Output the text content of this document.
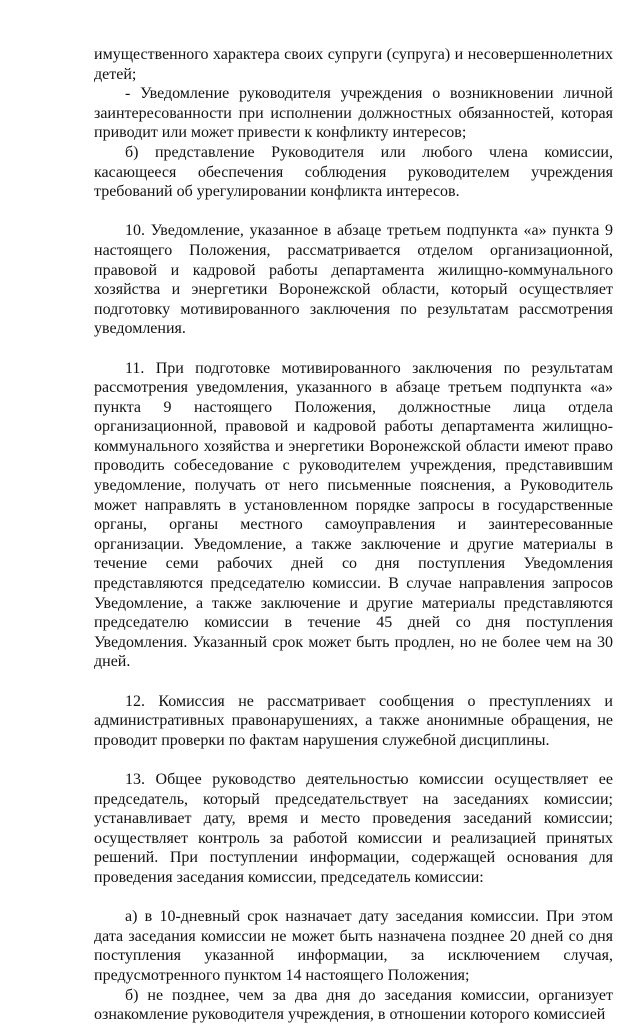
имущественного характера своих супруги (супруга) и несовершеннолетних детей;

- Уведомление руководителя учреждения о возникновении личной заинтересованности при исполнении должностных обязанностей, которая приводит или может привести к конфликту интересов;

б) представление Руководителя или любого члена комиссии, касающееся обеспечения соблюдения руководителем учреждения требований об урегулировании конфликта интересов.

10. Уведомление, указанное в абзаце третьем подпункта «а» пункта 9 настоящего Положения, рассматривается отделом организационной, правовой и кадровой работы департамента жилищно-коммунального хозяйства и энергетики Воронежской области, который осуществляет подготовку мотивированного заключения по результатам рассмотрения уведомления.

11. При подготовке мотивированного заключения по результатам рассмотрения уведомления, указанного в абзаце третьем подпункта «а» пункта 9 настоящего Положения, должностные лица отдела организационной, правовой и кадровой работы департамента жилищно-коммунального хозяйства и энергетики Воронежской области имеют право проводить собеседование с руководителем учреждения, представившим уведомление, получать от него письменные пояснения, а Руководитель может направлять в установленном порядке запросы в государственные органы, органы местного самоуправления и заинтересованные организации. Уведомление, а также заключение и другие материалы в течение семи рабочих дней со дня поступления Уведомления представляются председателю комиссии. В случае направления запросов Уведомление, а также заключение и другие материалы представляются председателю комиссии в течение 45 дней со дня поступления Уведомления. Указанный срок может быть продлен, но не более чем на 30 дней.

12. Комиссия не рассматривает сообщения о преступлениях и административных правонарушениях, а также анонимные обращения, не проводит проверки по фактам нарушения служебной дисциплины.

13. Общее руководство деятельностью комиссии осуществляет ее председатель, который председательствует на заседаниях комиссии; устанавливает дату, время и место проведения заседаний комиссии; осуществляет контроль за работой комиссии и реализацией принятых решений. При поступлении информации, содержащей основания для проведения заседания комиссии, председатель комиссии:

а) в 10-дневный срок назначает дату заседания комиссии. При этом дата заседания комиссии не может быть назначена позднее 20 дней со дня поступления указанной информации, за исключением случая, предусмотренного пунктом 14 настоящего Положения;

б) не позднее, чем за два дня до заседания комиссии, организует ознакомление руководителя учреждения, в отношении которого комиссией
